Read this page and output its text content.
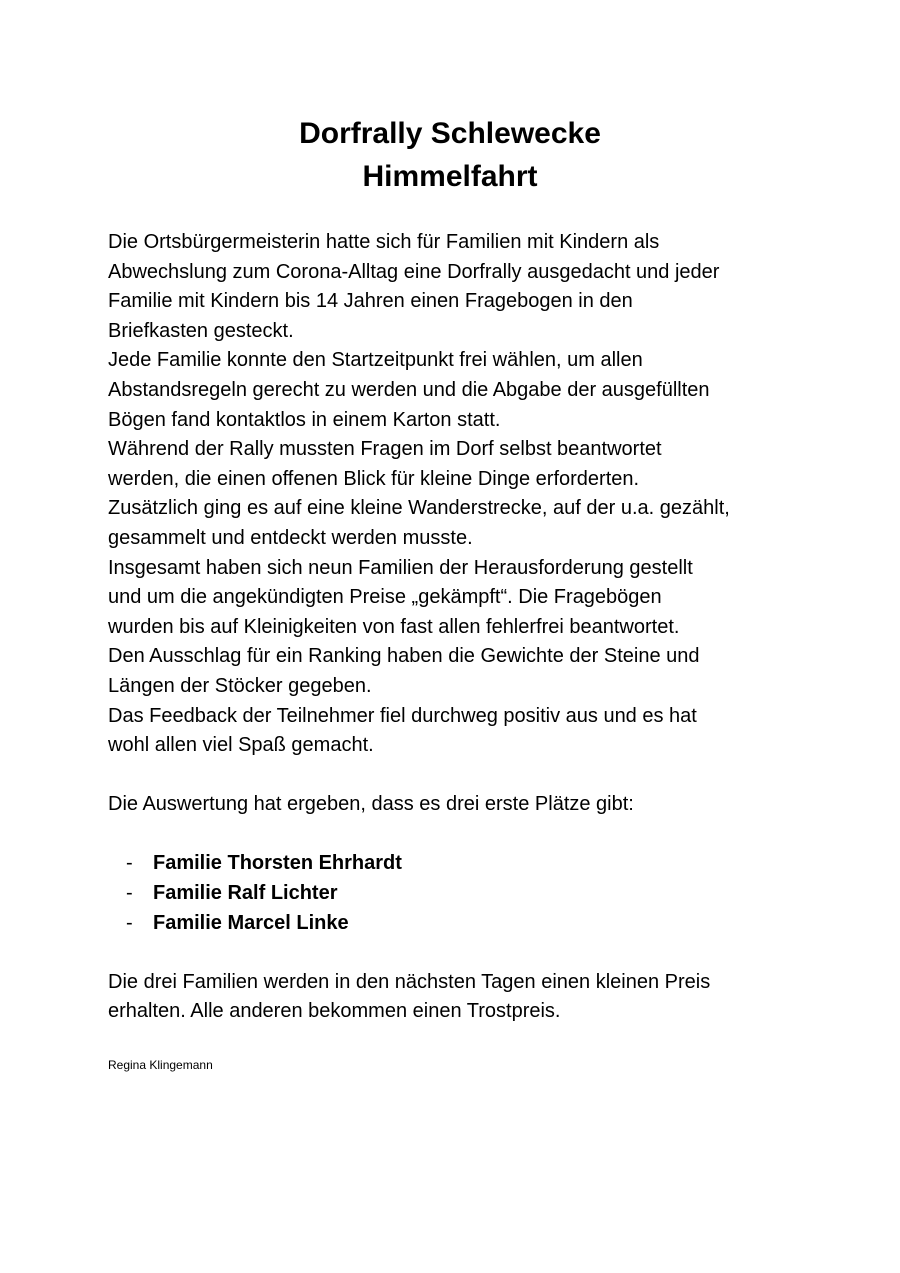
Dorfrally Schlewecke
Himmelfahrt
Die Ortsbürgermeisterin hatte sich für Familien mit Kindern als
Abwechslung zum Corona-Alltag eine Dorfrally ausgedacht und jeder
Familie mit Kindern bis 14 Jahren einen Fragebogen in den
Briefkasten gesteckt.
Jede Familie konnte den Startzeitpunkt frei wählen, um allen
Abstandsregeln gerecht zu werden und die Abgabe der ausgefüllten
Bögen fand kontaktlos in einem Karton statt.
Während der Rally mussten Fragen im Dorf selbst beantwortet
werden, die einen offenen Blick für kleine Dinge erforderten.
Zusätzlich ging es auf eine kleine Wanderstrecke, auf der u.a. gezählt,
gesammelt und entdeckt werden musste.
Insgesamt haben sich neun Familien der Herausforderung gestellt
und um die angekündigten Preise „gekämpft“. Die Fragebögen
wurden bis auf Kleinigkeiten von fast allen fehlerfrei beantwortet.
Den Ausschlag für ein Ranking haben die Gewichte der Steine und
Längen der Stöcker gegeben.
Das Feedback der Teilnehmer fiel durchweg positiv aus und es hat
wohl allen viel Spaß gemacht.
Die Auswertung hat ergeben, dass es drei erste Plätze gibt:
- Familie Thorsten Ehrhardt
- Familie Ralf Lichter
- Familie Marcel Linke
Die drei Familien werden in den nächsten Tagen einen kleinen Preis
erhalten. Alle anderen bekommen einen Trostpreis.
Regina Klingemann
